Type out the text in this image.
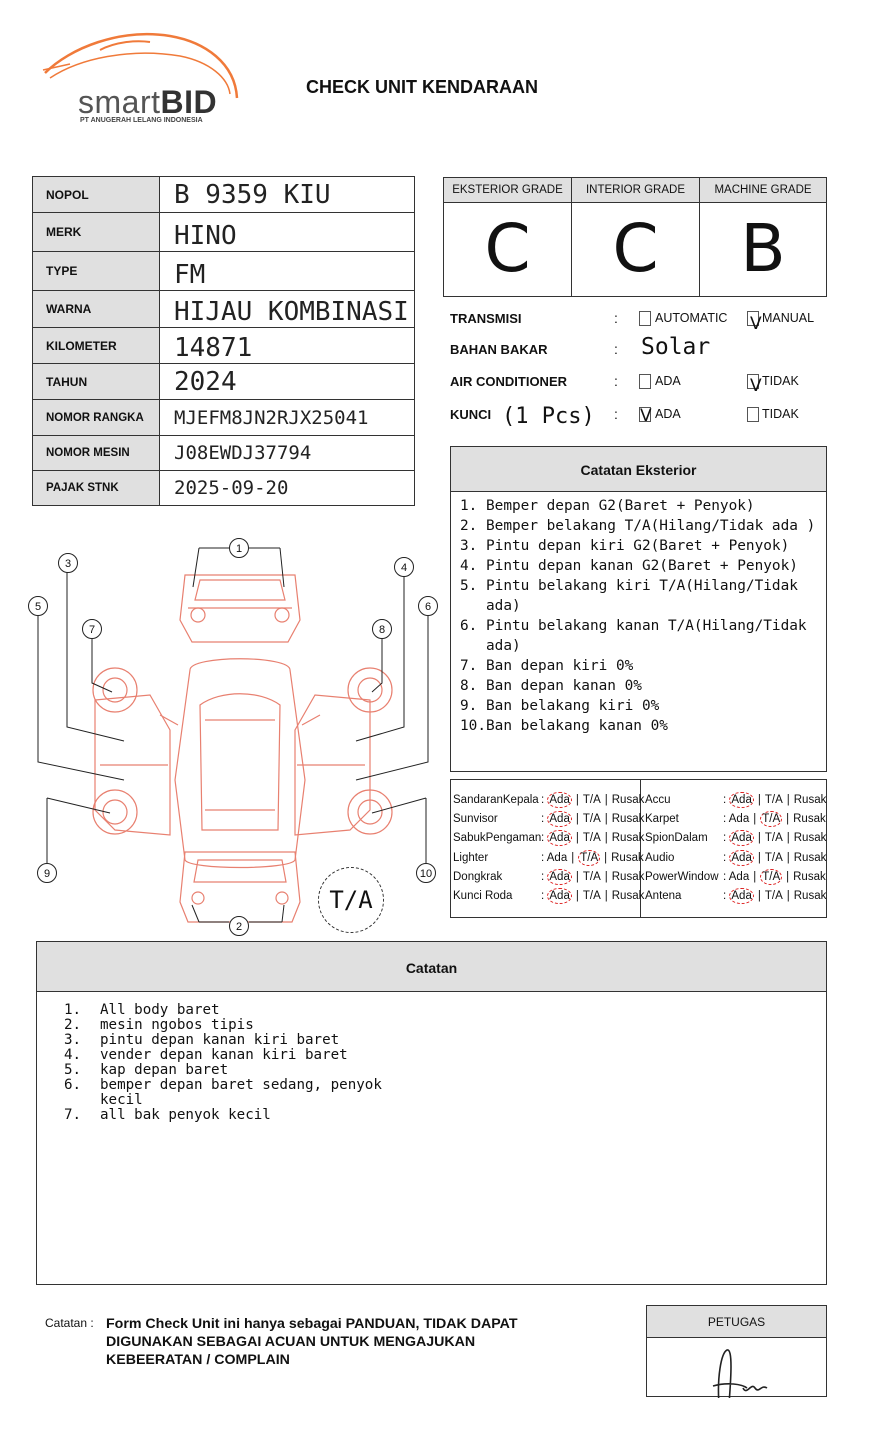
smartBID
PT ANUGERAH LELANG INDONESIA
CHECK UNIT KENDARAAN
NOPOL	B 9359 KIU
MERK	HINO
TYPE	FM
WARNA	HIJAU KOMBINASI
KILOMETER	14871
TAHUN	2024
NOMOR RANGKA	MJEFM8JN2RJX25041
NOMOR MESIN	J08EWDJ37794
PAJAK STNK	2025-09-20
EKSTERIOR GRADE	INTERIOR GRADE	MACHINE GRADE
C	C	B
TRANSMISI	:	AUTOMATIC V MANUAL
BAHAN BAKAR	: Solar
AIR CONDITIONER	:	ADA	V TIDAK
KUNCI (1 Pcs) : V ADA	TIDAK
Catatan Eksterior
1. Bemper depan G2(Baret + Penyok)
2. Bemper belakang T/A(Hilang/Tidak ada )
3. Pintu depan kiri G2(Baret + Penyok)
4. Pintu depan kanan G2(Baret + Penyok)
5. Pintu belakang kiri T/A(Hilang/Tidak ada)
6. Pintu belakang kanan T/A(Hilang/Tidak ada)
7. Ban depan kiri 0%
8. Ban depan kanan 0%
9. Ban belakang kiri 0%
10. Ban belakang kanan 0%
SandaranKepala : Ada | T/A | Rusak
Sunvisor	: Ada | T/A | Rusak
SabukPengaman: Ada | T/A | Rusak
Lighter	: Ada | T/A | Rusak
Dongkrak	: Ada | T/A | Rusak
Kunci Roda : Ada | T/A | Rusak
Accu	: Ada | T/A | Rusak
Karpet	: Ada | T/A | Rusak
SpionDalam : Ada | T/A | Rusak
Audio	: Ada | T/A | Rusak
PowerWindow : Ada | T/A | Rusak
Antena	: Ada | T/A | Rusak
1
2
3	4
5	6
7	8
9	10
T/A
Catatan
1.	All body baret
2.	mesin ngobos tipis
3.	pintu depan kanan kiri baret
4.	vender depan kanan kiri baret
5.	kap depan baret
6.	bemper depan baret sedang, penyok kecil
7.	all bak penyok kecil
Catatan : Form Check Unit ini hanya sebagai PANDUAN, TIDAK DAPAT DIGUNAKAN SEBAGAI ACUAN UNTUK MENGAJUKAN KEBEERATAN / COMPLAIN
PETUGAS
